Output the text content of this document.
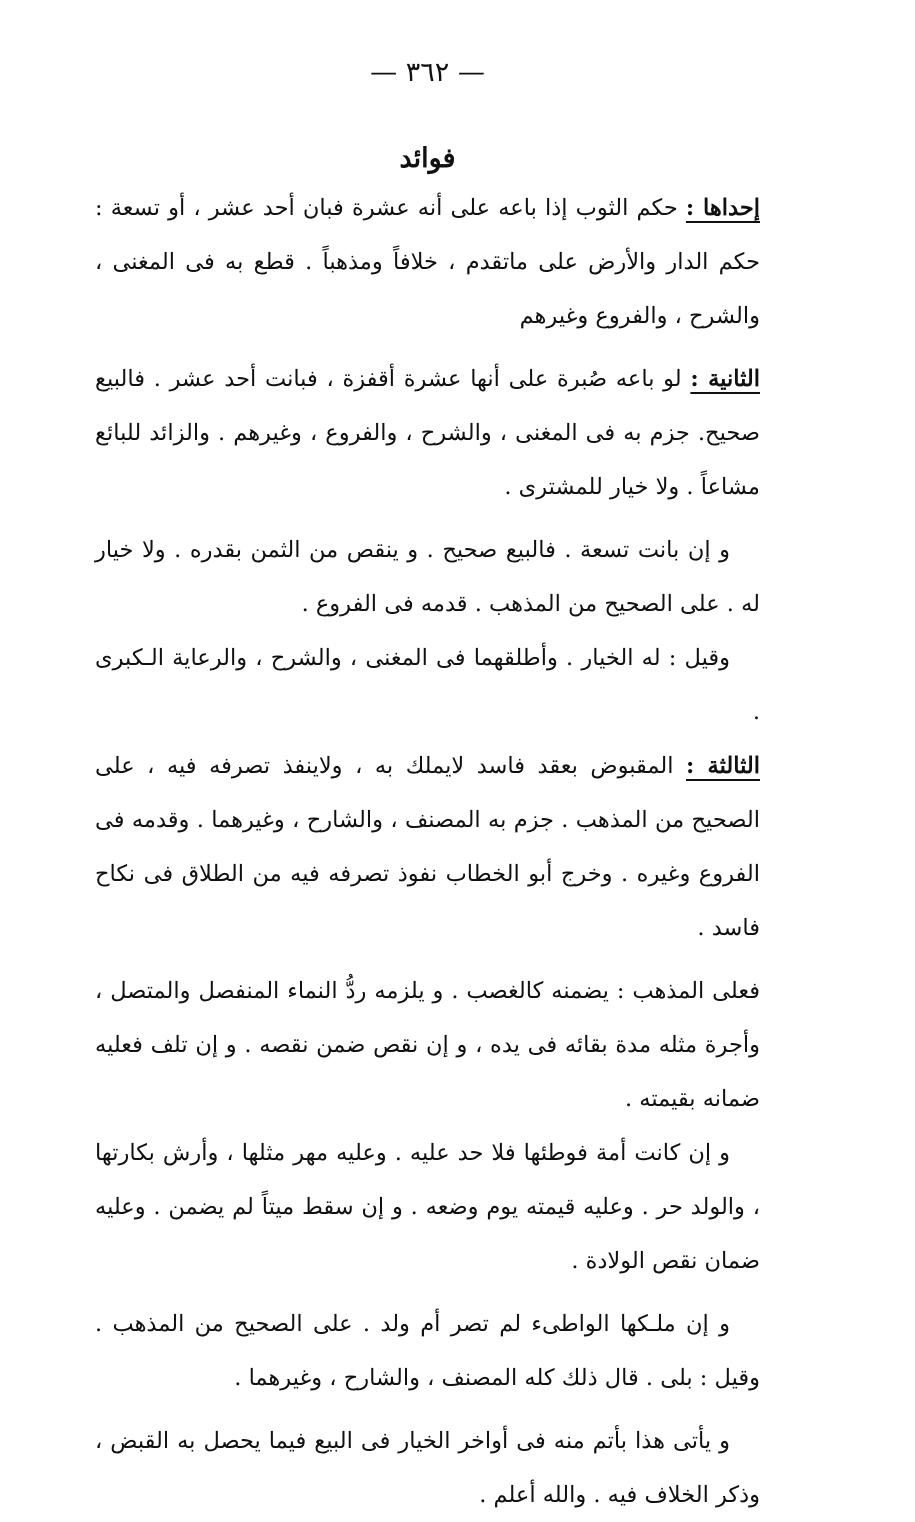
— ٣٦٢ —
فوائد

إحداها : حكم الثوب إذا باعه على أنه عشرة فبان أحد عشر ، أو تسعة : حكم الدار والأرض على ماتقدم ، خلافاً ومذهباً . قطع به فى المغنى ، والشرح ، والفروع وغيرهم

الثانية : لو باعه صُبرة على أنها عشرة أقفزة ، فبانت أحد عشر . فالبيع صحيح. جزم به فى المغنى ، والشرح ، والفروع ، وغيرهم . والزائد للبائع مشاعاً . ولا خيار للمشترى .

و إن بانت تسعة . فالبيع صحيح . و ينقص من الثمن بقدره . ولا خيار له . على الصحيح من المذهب . قدمه فى الفروع .

وقيل : له الخيار . وأطلقهما فى المغنى ، والشرح ، والرعاية الـكبرى .

الثالثة : المقبوض بعقد فاسد لايملك به ، ولاينفذ تصرفه فيه ، على الصحيح من المذهب . جزم به المصنف ، والشارح ، وغيرهما . وقدمه فى الفروع وغيره . وخرج أبو الخطاب نفوذ تصرفه فيه من الطلاق فى نكاح فاسد .

فعلى المذهب : يضمنه كالغصب . و يلزمه ردُّ النماء المنفصل والمتصل ، وأجرة مثله مدة بقائه فى يده ، و إن نقص ضمن نقصه . و إن تلف فعليه ضمانه بقيمته .

و إن كانت أمة فوطئها فلا حد عليه . وعليه مهر مثلها ، وأرش بكارتها ، والولد حر . وعليه قيمته يوم وضعه . و إن سقط ميتاً لم يضمن . وعليه ضمان نقص الولادة .

و إن ملـكها الواطىء لم تصر أم ولد . على الصحيح من المذهب . وقيل : بلى . قال ذلك كله المصنف ، والشارح ، وغيرهما .

و يأتى هذا بأتم منه فى أواخر الخيار فى البيع فيما يحصل به القبض ، وذكر الخلاف فيه . والله أعلم .
